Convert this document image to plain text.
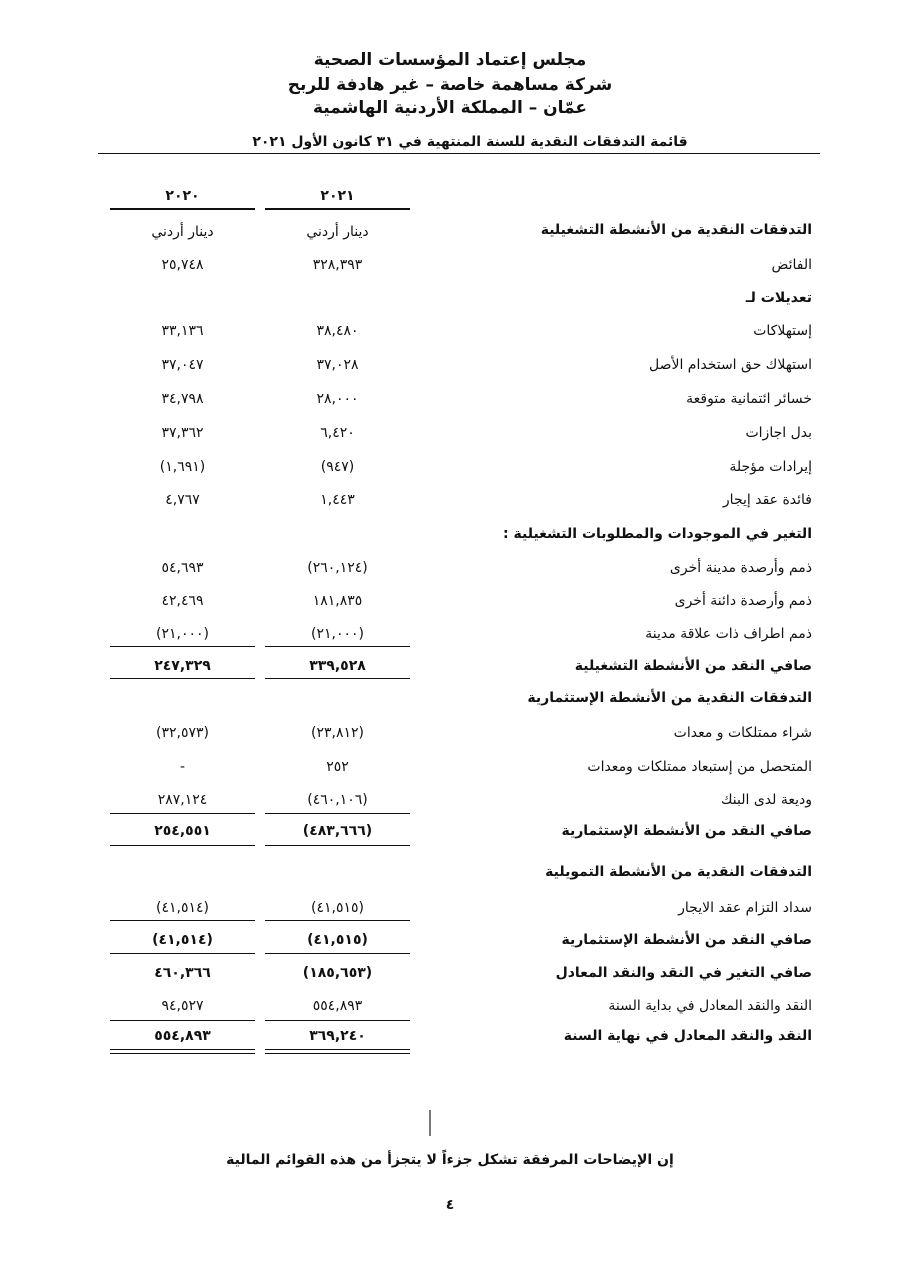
مجلس إعتماد المؤسسات الصحية
شركة مساهمة خاصة – غير هادفة للربح
عمّان – المملكة الأردنية الهاشمية
قائمة التدفقات النقدية للسنة المنتهية في ٣١ كانون الأول ٢٠٢١
٢٠٢١
٢٠٢٠
دينار أردني
دينار أردني	التدفقات النقدية من الأنشطة التشغيلية
الفائض
٣٢٨,٣٩٣
٢٥,٧٤٨
تعديلات لـ
إستهلاكات
٣٨,٤٨٠
٣٣,١٣٦
استهلاك حق استخدام الأصل
٣٧,٠٢٨
٣٧,٠٤٧
خسائر ائتمانية متوقعة
٢٨,٠٠٠
٣٤,٧٩٨
بدل اجازات
٦,٤٢٠
٣٧,٣٦٢
إيرادات مؤجلة
(٩٤٧)
(١,٦٩١)
فائدة عقد إيجار
١,٤٤٣
٤,٧٦٧
التغير في الموجودات والمطلوبات التشغيلية :
ذمم وأرصدة مدينة أخرى
(٢٦٠,١٢٤)
٥٤,٦٩٣
ذمم وأرصدة دائنة أخرى
١٨١,٨٣٥
٤٢,٤٦٩
ذمم اطراف ذات علاقة مدينة
(٢١,٠٠٠)
(٢١,٠٠٠)
صافي النقد من الأنشطة التشغيلية
٣٣٩,٥٢٨
٢٤٧,٣٢٩
التدفقات النقدية من الأنشطة الإستثمارية
شراء ممتلكات و معدات
(٢٣,٨١٢)
(٣٢,٥٧٣)
المتحصل من إستبعاد ممتلكات ومعدات
٢٥٢
-
وديعة لدى البنك
(٤٦٠,١٠٦)
٢٨٧,١٢٤
صافي النقد من الأنشطة الإستثمارية
(٤٨٣,٦٦٦)
٢٥٤,٥٥١
التدفقات النقدية من الأنشطة التمويلية
سداد التزام عقد الايجار
(٤١,٥١٥)
(٤١,٥١٤)
صافي النقد من الأنشطة الإستثمارية
(٤١,٥١٥)
(٤١,٥١٤)
صافي التغير في النقد والنقد المعادل
(١٨٥,٦٥٣)
٤٦٠,٣٦٦
النقد والنقد المعادل في بداية السنة
٥٥٤,٨٩٣
٩٤,٥٢٧
النقد والنقد المعادل في نهاية السنة
٣٦٩,٢٤٠
٥٥٤,٨٩٣
إن الإيضاحات المرفقة تشكل جزءاً لا يتجزأ من هذه القوائم المالية
٤
